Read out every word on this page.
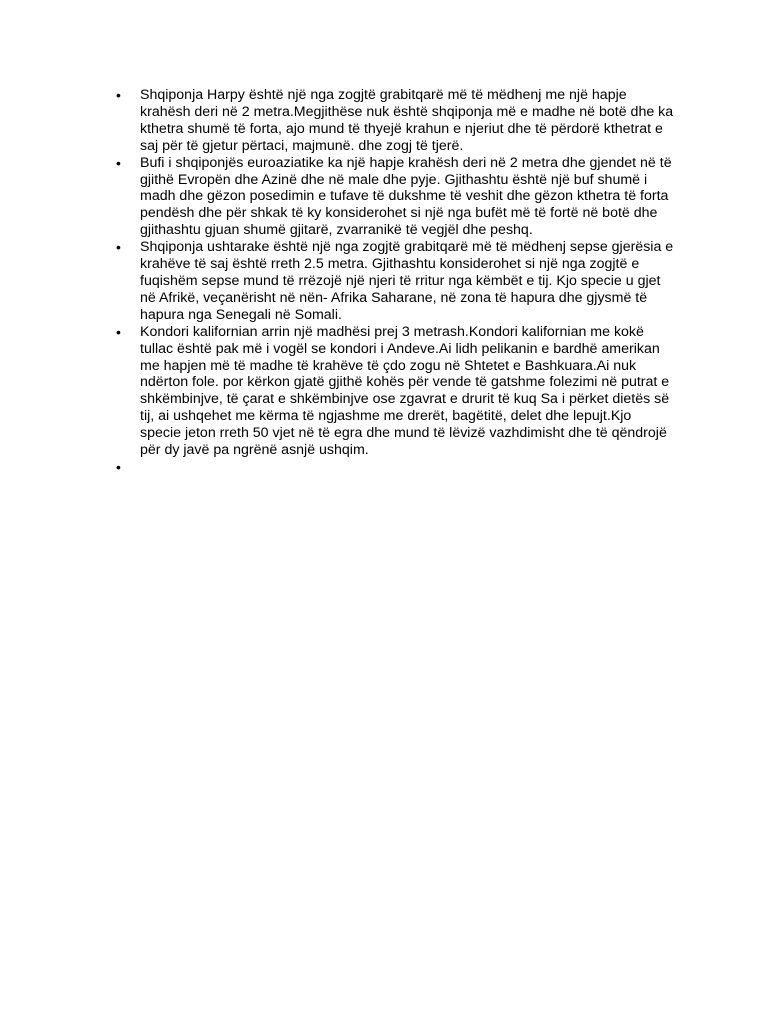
• Shqiponja Harpy është një nga zogjtë grabitqarë më të mëdhenj me një hapje krahësh deri në 2 metra.Megjithëse nuk është shqiponja më e madhe në botë dhe ka kthetra shumë të forta, ajo mund të thyejë krahun e njeriut dhe të përdorë kthetrat e saj për të gjetur përtaci, majmunë. dhe zogj të tjerë.
• Bufi i shqiponjës euroaziatike ka një hapje krahësh deri në 2 metra dhe gjendet në të gjithë Evropën dhe Azinë dhe në male dhe pyje. Gjithashtu është një buf shumë i madh dhe gëzon posedimin e tufave të dukshme të veshit dhe gëzon kthetra të forta pendësh dhe për shkak të ky konsiderohet si një nga bufët më të fortë në botë dhe gjithashtu gjuan shumë gjitarë, zvarranikë të vegjël dhe peshq.
• Shqiponja ushtarake është një nga zogjtë grabitqarë më të mëdhenj sepse gjerësia e krahëve të saj është rreth 2.5 metra. Gjithashtu konsiderohet si një nga zogjtë e fuqishëm sepse mund të rrëzojë një njeri të rritur nga këmbët e tij. Kjo specie u gjet në Afrikë, veçanërisht në nën- Afrika Saharane, në zona të hapura dhe gjysmë të hapura nga Senegali në Somali.
• Kondori kalifornian arrin një madhësi prej 3 metrash.Kondori kalifornian me kokë tullac është pak më i vogël se kondori i Andeve.Ai lidh pelikanin e bardhë amerikan me hapjen më të madhe të krahëve të çdo zogu në Shtetet e Bashkuara.Ai nuk ndërton fole. por kërkon gjatë gjithë kohës për vende të gatshme folezimi në putrat e shkëmbinjve, të çarat e shkëmbinjve ose zgavrat e drurit të kuq Sa i përket dietës së tij, ai ushqehet me kërma të ngjashme me drerët, bagëtitë, delet dhe lepujt.Kjo specie jeton rreth 50 vjet në të egra dhe mund të lëvizë vazhdimisht dhe të qëndrojë për dy javë pa ngrënë asnjë ushqim.
•
